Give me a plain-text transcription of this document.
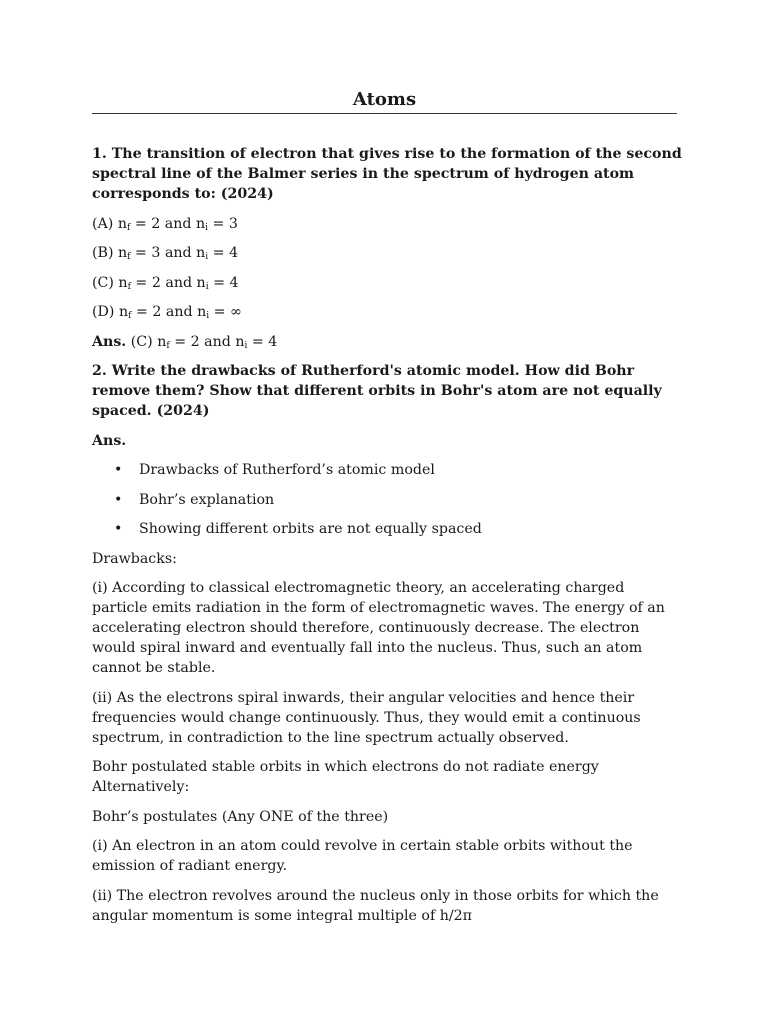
Atoms

1. The transition of electron that gives rise to the formation of the second spectral line of the Balmer series in the spectrum of hydrogen atom corresponds to: (2024)

(A) $n_f = 2$ and $n_i = 3$

(B) $n_f = 3$ and $n_i = 4$

(C) $n_f = 2$ and $n_i = 4$

(D) $n_f = 2$ and $n_i$ = ∞

Ans. (C) $n_f = 2$ and $n_i = 4$

2. Write the drawbacks of Rutherford's atomic model. How did Bohr remove them? Show that different orbits in Bohr's atom are not equally spaced. (2024)

Ans.

• Drawbacks of Rutherford’s atomic model
• Bohr’s explanation
• Showing different orbits are not equally spaced

Drawbacks:

(i) According to classical electromagnetic theory, an accelerating charged particle emits radiation in the form of electromagnetic waves. The energy of an accelerating electron should therefore, continuously decrease. The electron would spiral inward and eventually fall into the nucleus. Thus, such an atom cannot be stable.

(ii) As the electrons spiral inwards, their angular velocities and hence their frequencies would change continuously. Thus, they would emit a continuous spectrum, in contradiction to the line spectrum actually observed.

Bohr postulated stable orbits in which electrons do not radiate energy
Alternatively:

Bohr’s postulates (Any ONE of the three)

(i) An electron in an atom could revolve in certain stable orbits without the emission of radiant energy.

(ii) The electron revolves around the nucleus only in those orbits for which the angular momentum is some integral multiple of h/2π
